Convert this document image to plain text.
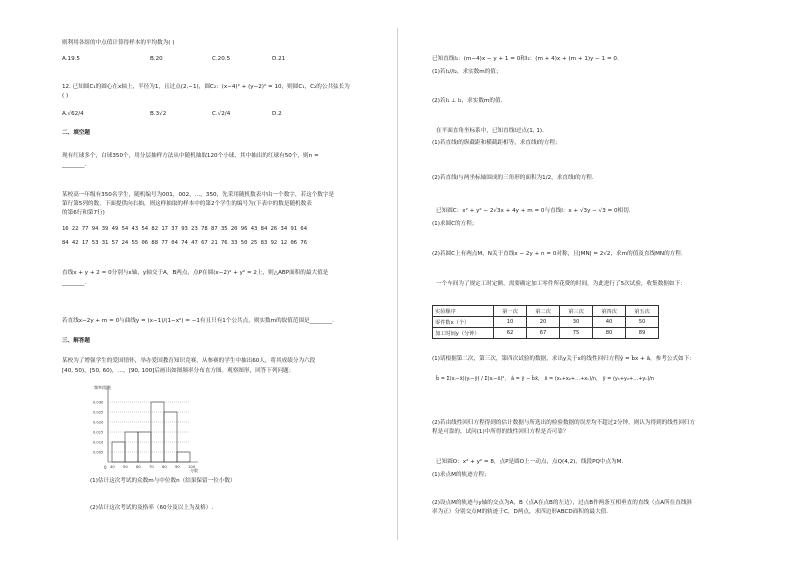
则利用各组的中点值计算得样本的平均数为( )
A.19.5	B.20	C.20.5	D.21
12. 已知圆C₁的圆心在x轴上，半径为1，且过点(2,−1)，圆C₂：(x−4)² + (y−2)² = 10，则圆C₁，C₂的公共弦长为
( )
A.√62/4	B.3√2	C.√2/4	D.2
二、填空题
现有红球多个，白球350个，用分层抽样方法从中随机抽取120个小球，其中抽出的红球有50个，则n =
________.
某校高一年级有350名学生，随机编号为001，002，…，350，先采用随机数表中由一个数字，若这个数字是
第行第5列的数，下面提供向右抽，则这样抽取的样本中的第2个学生的编号为(下表中的数是随机数表
的第6行和第7行)
16 22 77 94 39 49 54 43 54 82 17 37 93 23 78 87 35 20 96 43 84 26 34 91 64
84 42 17 53 31 57 24 55 06 88 77 04 74 47 67 21 76 33 50 25 83 92 12 06 76
直线x + y + 2 = 0分别与x轴，y轴交于A，B两点，点P在圆(x−2)² + y² = 2上，则△ABP面积的最大值是
________.
若直线x−2y + m = 0与曲线y = (x−1)/(1−x²) = −1有且只有1个公共点，则实数m的取值范围是________.
三、解答题
某校为了增强学生的爱国情怀，举办爱国教育知识竞赛，从参赛的学生中抽出60人，将其成绩分为六段
[40, 50)，[50, 60)，…，[90, 100]后画出如图频率分布直方图。观察图形，回答下列问题：
频率/组距
0.030
0.025
0.020
0.015
0.010
0.005
40 50 60 70 80 90 100
0
分数
(1)估计这次考试的众数m与中位数n（结果保留一位小数）
(2)估计这次考试的及格率（60分及以上为及格）.
已知直线l₁：(m−4)x − y + 1 = 0和l₂：(m + 4)x + (m + 1)y − 1 = 0.
(1)若l₁//l₂，求实数m的值；
(2)若l₁ ⊥ l₂，求实数m的值.
在平面直角坐标系中，已知直线l过点(1, 1).
(1)若直线l的纵截距和横截距相等，求直线l的方程；
(2)若直线l与两坐标轴围成的三角形的面积为1/2，求直线l的方程.
已知圆C：x² + y² − 2√3x + 4y + m = 0与直线l：x + √3y − √3 = 0相切.
(1)求圆C的方程；
(2)若圆C上有两点M，N关于直线x − 2y + n = 0对称，且|MN| = 2√2，求m的值及直线MN的方程.
一个车间为了规定工时定额，需要确定加工零件所花费的时间，为此进行了5次试验，收集数据如下：
实验顺序	第一次	第二次	第三次	第四次	第五次
零件数x（个）	10	20	30	40	50
加工时间y（分钟）	62	67	75	80	89
(1)请根据第二次，第三次，第四次试验的数据，求出y关于x的线性回归方程ŷ = b̂x + â，参考公式如下：
b̂ = Σ(xᵢ−x̄)(yᵢ−ȳ) / Σ(xᵢ−x̄)²， â = ȳ − b̂x̄， x̄ = (x₁+x₂+…+xₙ)/n， ȳ = (y₁+y₂+…+yₙ)/n
(2)若由线性回归方程得到的估计数据与所选出的检验数据的误差均不超过2分钟，则认为得到的线性回归方
程是可靠的，试问(1)中所得的线性回归方程是否可靠？
已知圆O：x² + y² = 8，点P是圆O上一动点，点Q(4,2)，线段PQ中点为M.
(1)求点M的轨迹方程；
(2)设点M的轨迹与y轴的交点为A，B（点A在点B的左边），过点B作两条互相垂直的直线（点A所在直线斜
率为正）分别交点M的轨迹于C，D两点，求四边形ABCD面积的最大值.
